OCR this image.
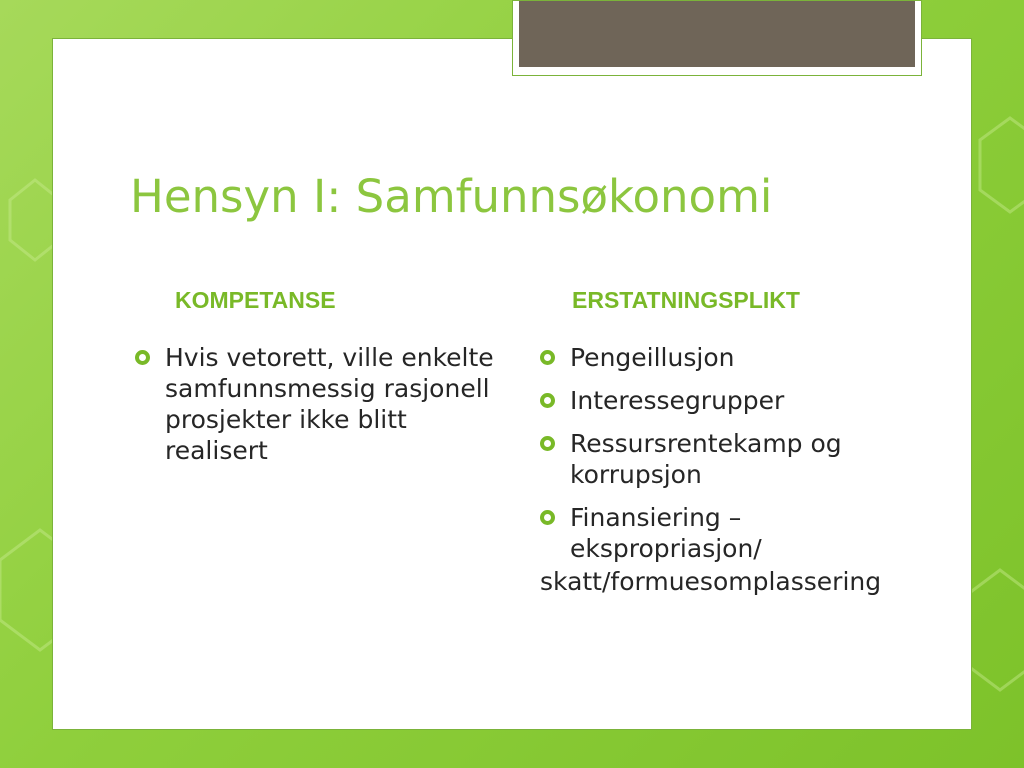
Hensyn I: Samfunnsøkonomi
KOMPETANSE	ERSTATNINGSPLIKT
Hvis vetorett, ville enkelte samfunnsmessig rasjonell prosjekter ikke blitt realisert
Pengeillusjon
Interessegrupper
Ressursrentekamp og korrupsjon
Finansiering – ekspropriasjon/
skatt/formuesomplassering
